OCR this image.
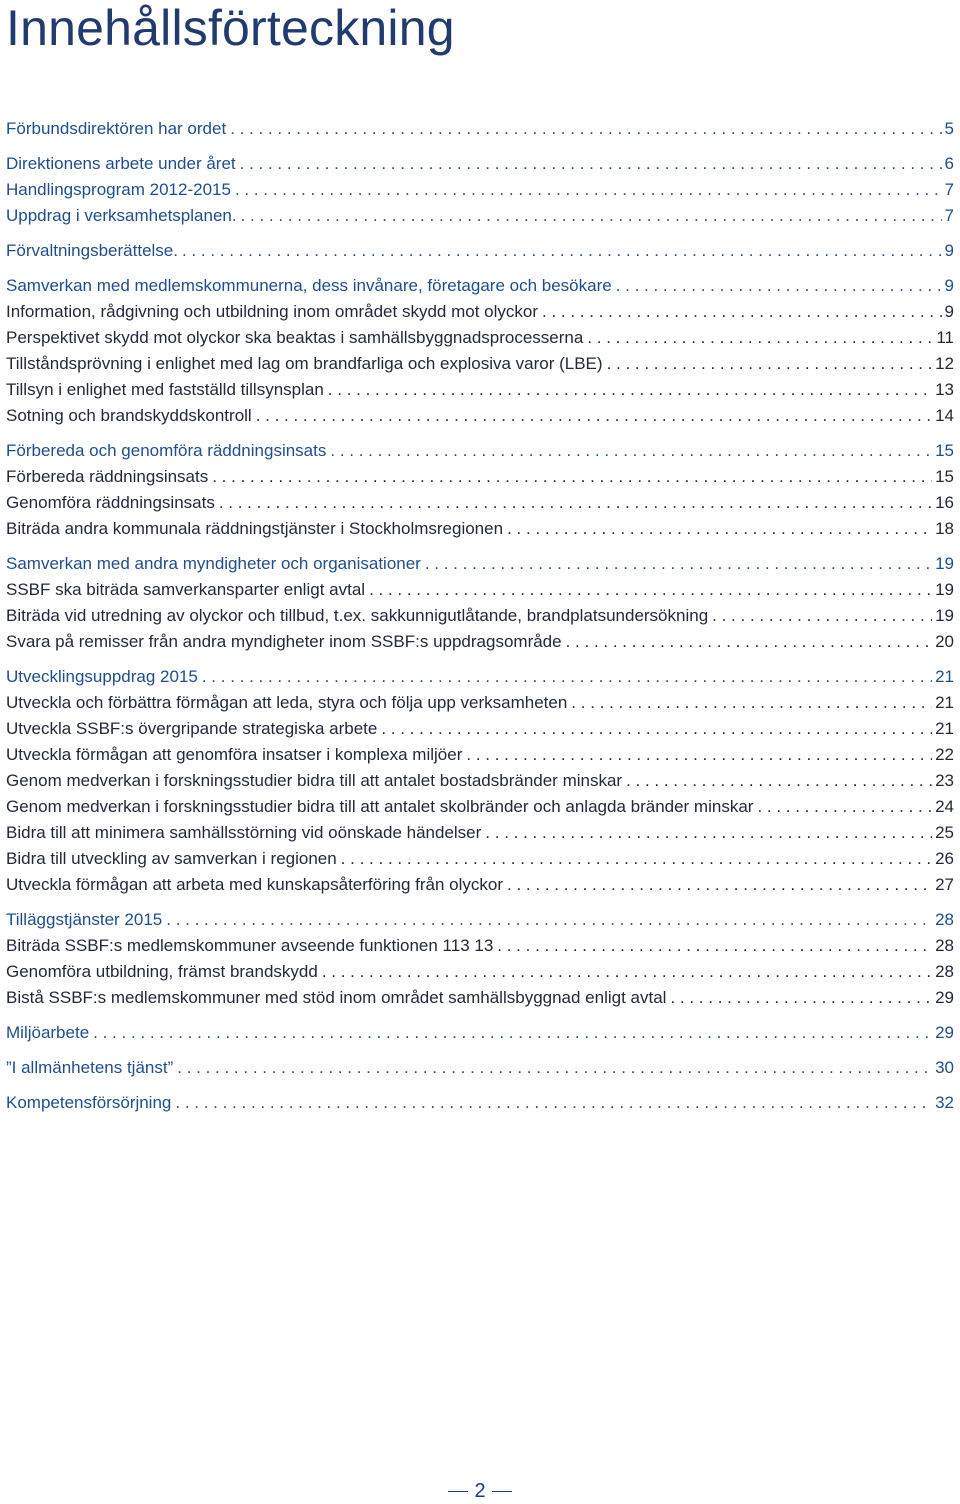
Innehållsförteckning
Förbundsdirektören har ordet . . .	5
Direktionens arbete under året . . .	6
Handlingsprogram 2012-2015 . . .	7
Uppdrag i verksamhetsplanen. . . .	7
Förvaltningsberättelse. . . .	9
Samverkan med medlemskommunerna, dess invånare, företagare och besökare . . .	9
Information, rådgivning och utbildning inom området skydd mot olyckor . . .	9
Perspektivet skydd mot olyckor ska beaktas i samhällsbyggnadsprocesserna . . .	11
Tillståndsprövning i enlighet med lag om brandfarliga och explosiva varor (LBE) . . .	12
Tillsyn i enlighet med fastställd tillsynsplan . . .	13
Sotning och brandskyddskontroll . . .	14
Förbereda och genomföra räddningsinsats . . .	15
Förbereda räddningsinsats . . .	15
Genomföra räddningsinsats . . .	16
Biträda andra kommunala räddningstjänster i Stockholmsregionen . . .	18
Samverkan med andra myndigheter och organisationer . . .	19
SSBF ska biträda samverkansparter enligt avtal . . .	19
Biträda vid utredning av olyckor och tillbud, t.ex. sakkunnigutlåtande, brandplatsundersökning . . .	19
Svara på remisser från andra myndigheter inom SSBF:s uppdragsområde . . .	20
Utvecklingsuppdrag 2015 . . .	21
Utveckla och förbättra förmågan att leda, styra och följa upp verksamheten . . .	21
Utveckla SSBF:s övergripande strategiska arbete . . .	21
Utveckla förmågan att genomföra insatser i komplexa miljöer . . .	22
Genom medverkan i forskningsstudier bidra till att antalet bostadsbränder minskar . . .	23
Genom medverkan i forskningsstudier bidra till att antalet skolbränder och anlagda bränder minskar . . .	24
Bidra till att minimera samhällsstörning vid oönskade händelser . . .	25
Bidra till utveckling av samverkan i regionen . . .	26
Utveckla förmågan att arbeta med kunskapsåterföring från olyckor . . .	27
Tilläggstjänster 2015 . . .	28
Biträda SSBF:s medlemskommuner avseende funktionen 113 13 . . .	28
Genomföra utbildning, främst brandskydd . . .	28
Bistå SSBF:s medlemskommuner med stöd inom området samhällsbyggnad enligt avtal . . .	29
Miljöarbete . . .	29
”I allmänhetens tjänst” . . .	30
Kompetensförsörjning . . .	32
2
